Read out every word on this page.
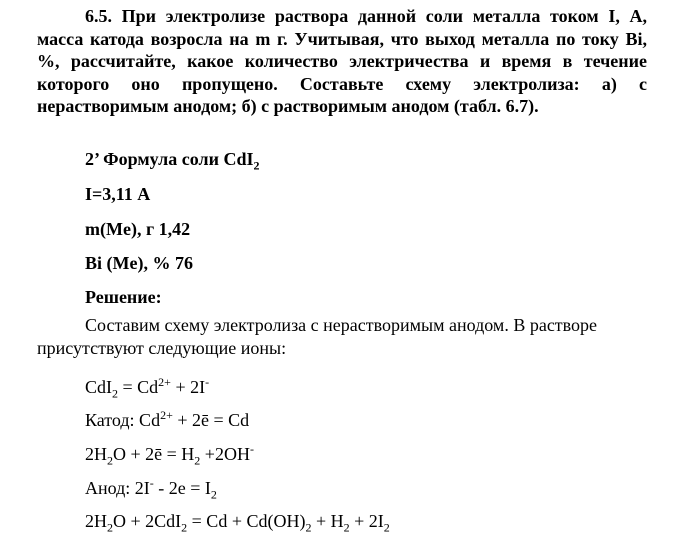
6.5. При электролизе раствора данной соли металла током I, А, масса катода возросла на m г. Учитывая, что выход металла по току Bi, %, рассчитайте, какое количество электричества и время в течение которого оно пропущено. Составьте схему электролиза: а) с нерастворимым анодом; б) с растворимым анодом (табл. 6.7).

2’ Формула соли CdI$_2$

I=3,11 А

m(Me), г 1,42

Bi (Me), % 76

Решение:

Составим схему электролиза с нерастворимым анодом. В растворе присутствуют следующие ионы:

$CdI_2 = Cd^{2+} + 2I^-$

Катод: $Cd^{2+}$ + 2ē = Cd

$2H_2O$ + 2ē = $H_2 +2OH^-$

Анод: $2I^- - 2e = I_2$

$2H_2O + 2CdI_2 = Cd + Cd(OH)_2 + H_2 + 2I_2$
